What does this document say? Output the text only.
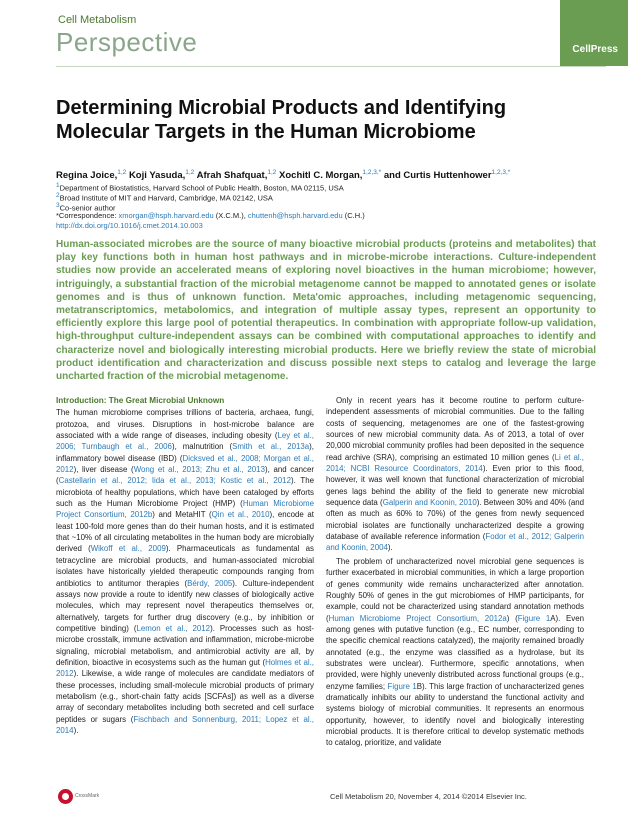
Cell Metabolism
Perspective	CellPress
Determining Microbial Products and Identifying
Molecular Targets in the Human Microbiome
Regina Joice,$^{1,2}$ Koji Yasuda,$^{1,2}$ Afrah Shafquat,$^{1,2}$ Xochitl C. Morgan,$^{1,2,3,*}$ and Curtis Huttenhower$^{1,2,3,*}$
$^1$Department of Biostatistics, Harvard School of Public Health, Boston, MA 02115, USA
$^2$Broad Institute of MIT and Harvard, Cambridge, MA 02142, USA
$^3$Co-senior author
*Correspondence: xmorgan@hsph.harvard.edu (X.C.M.), chuttenh@hsph.harvard.edu (C.H.)
http://dx.doi.org/10.1016/j.cmet.2014.10.003
Human-associated microbes are the source of many bioactive microbial products (proteins and metabolites) that play key functions both in human host pathways and in microbe-microbe interactions. Culture-independent studies now provide an accelerated means of exploring novel bioactives in the human microbiome; however, intriguingly, a substantial fraction of the microbial metagenome cannot be mapped to annotated genes or isolate genomes and is thus of unknown function. Meta'omic approaches, including metagenomic sequencing, metatranscriptomics, metabolomics, and integration of multiple assay types, represent an opportunity to efficiently explore this large pool of potential therapeutics. In combination with appropriate follow-up validation, high-throughput culture-independent assays can be combined with computational approaches to identify and characterize novel and biologically interesting microbial products. Here we briefly review the state of microbial product identification and characterization and discuss possible next steps to catalog and leverage the large uncharted fraction of the microbial metagenome.
Introduction: The Great Microbial Unknown

The human microbiome comprises trillions of bacteria, archaea, fungi, protozoa, and viruses. Disruptions in host-microbe balance are associated with a wide range of diseases, including obesity (Ley et al., 2006; Turnbaugh et al., 2006), malnutrition (Smith et al., 2013a), inflammatory bowel disease (IBD) (Dicksved et al., 2008; Morgan et al., 2012), liver disease (Wong et al., 2013; Zhu et al., 2013), and cancer (Castellarin et al., 2012; Iida et al., 2013; Kostic et al., 2012). The microbiota of healthy populations, which have been cataloged by efforts such as the Human Microbiome Project (HMP) (Human Microbiome Project Consortium, 2012b) and MetaHIT (Qin et al., 2010), encode at least 100-fold more genes than do their human hosts, and it is estimated that ~10% of all circulating metabolites in the human body are microbially derived (Wikoff et al., 2009). Pharmaceuticals as fundamental as tetracycline are microbial products, and human-associated microbial isolates have historically yielded therapeutic compounds ranging from antibiotics to antitumor therapies (Bérdy, 2005). Culture-independent assays now provide a route to identify new classes of biologically active molecules, which may represent novel therapeutics themselves or, alternatively, targets for further drug discovery (e.g., by inhibition or competitive binding) (Lemon et al., 2012). Processes such as host-microbe crosstalk, immune activation and inflammation, microbe-microbe signaling, microbial metabolism, and antimicrobial activity are all, by definition, bioactive in ecosystems such as the human gut (Holmes et al., 2012). Likewise, a wide range of molecules are candidate mediators of these processes, including small-molecule microbial products of primary metabolism (e.g., short-chain fatty acids [SCFAs]) as well as a diverse array of secondary metabolites including both secreted and cell surface peptides or sugars (Fischbach and Sonnenburg, 2011; Lopez et al., 2014).

Only in recent years has it become routine to perform culture-independent assessments of microbial communities. Due to the falling costs of sequencing, metagenomes are one of the fastest-growing sources of new microbial community data. As of 2013, a total of over 20,000 microbial community profiles had been deposited in the sequence read archive (SRA), comprising an estimated 10 million genes (Li et al., 2014; NCBI Resource Coordinators, 2014). Even prior to this flood, however, it was well known that functional characterization of microbial genes lags behind the ability of the field to generate new microbial sequence data (Galperin and Koonin, 2010). Between 30% and 40% (and often as much as 60% to 70%) of the genes from newly sequenced microbial isolates are functionally uncharacterized despite a growing database of available reference information (Fodor et al., 2012; Galperin and Koonin, 2004).

The problem of uncharacterized novel microbial gene sequences is further exacerbated in microbial communities, in which a large proportion of genes community wide remains uncharacterized after annotation. Roughly 50% of genes in the gut microbiomes of HMP participants, for example, could not be characterized using standard annotation methods (Human Microbiome Project Consortium, 2012a) (Figure 1A). Even among genes with putative function (e.g., EC number, corresponding to the specific chemical reactions catalyzed), the majority remained broadly annotated (e.g., the enzyme was classified as a hydrolase, but its substrates were unclear). Furthermore, specific annotations, when provided, were highly unevenly distributed across functional groups (e.g., enzyme families; Figure 1B). This large fraction of uncharacterized genes dramatically inhibits our ability to understand the functional activity and systems biology of microbial communities. It represents an enormous opportunity, however, to identify novel and biologically interesting microbial products. It is therefore critical to develop systematic methods to catalog, prioritize, and validate

CrossMark	Cell Metabolism 20, November 4, 2014 ©2014 Elsevier Inc.
